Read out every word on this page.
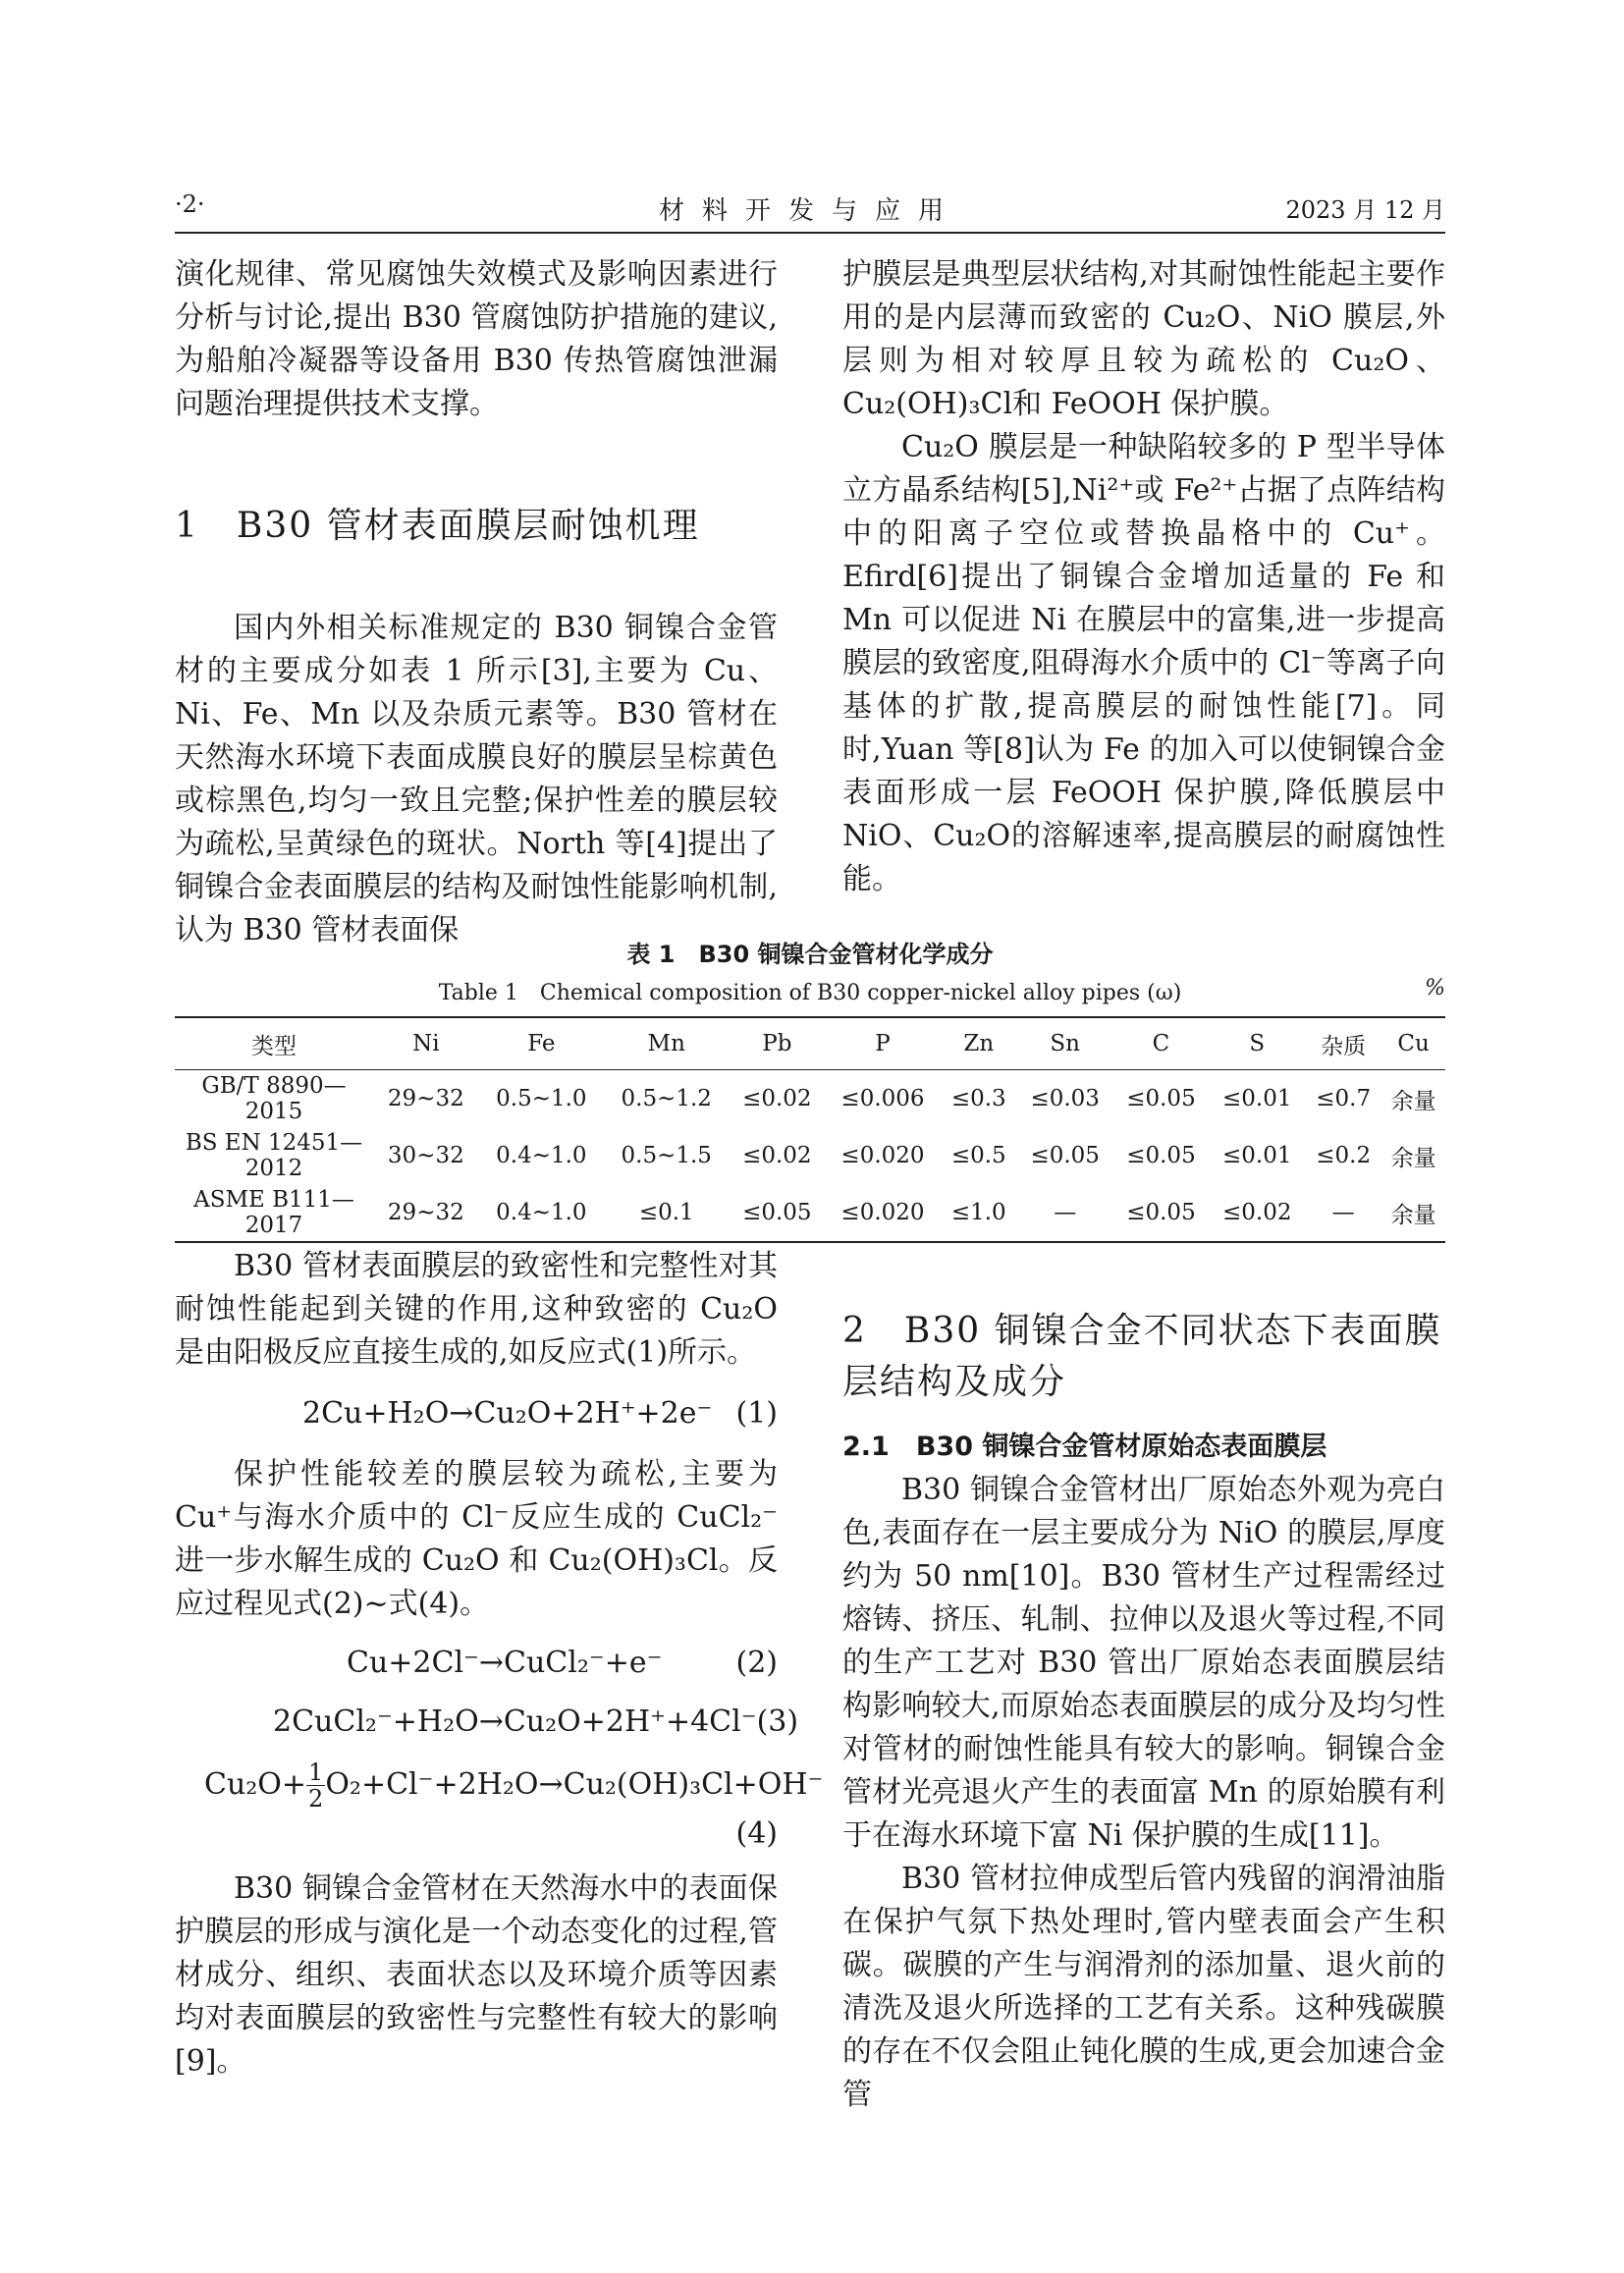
·2·	材料开发与应用	2023 月 12 月

演化规律、常见腐蚀失效模式及影响因素进行分析与讨论,提出 B30 管腐蚀防护措施的建议,为船舶冷凝器等设备用 B30 传热管腐蚀泄漏问题治理提供技术支撑。

1　B30 管材表面膜层耐蚀机理

国内外相关标准规定的 B30 铜镍合金管材的主要成分如表 1 所示[3],主要为 Cu、Ni、Fe、Mn 以及杂质元素等。B30 管材在天然海水环境下表面成膜良好的膜层呈棕黄色或棕黑色,均匀一致且完整;保护性差的膜层较为疏松,呈黄绿色的斑状。North 等[4]提出了铜镍合金表面膜层的结构及耐蚀性能影响机制,认为 B30 管材表面保

护膜层是典型层状结构,对其耐蚀性能起主要作用的是内层薄而致密的 Cu₂O、NiO 膜层,外层则为相对较厚且较为疏松的 Cu₂O、Cu₂(OH)₃Cl和 FeOOH 保护膜。

Cu₂O 膜层是一种缺陷较多的 P 型半导体立方晶系结构[5],Ni²⁺或 Fe²⁺占据了点阵结构中的阳离子空位或替换晶格中的 Cu⁺。Efird[6]提出了铜镍合金增加适量的 Fe 和 Mn 可以促进 Ni 在膜层中的富集,进一步提高膜层的致密度,阻碍海水介质中的 Cl⁻等离子向基体的扩散,提高膜层的耐蚀性能[7]。同时,Yuan 等[8]认为 Fe 的加入可以使铜镍合金表面形成一层 FeOOH 保护膜,降低膜层中 NiO、Cu₂O的溶解速率,提高膜层的耐腐蚀性能。

表 1　B30 铜镍合金管材化学成分
Table 1　Chemical composition of B30 copper-nickel alloy pipes (ω)	%
类型	Ni	Fe	Mn	Pb	P	Zn	Sn	C	S	杂质	Cu
GB/T 8890—2015	29~32	0.5~1.0	0.5~1.2	≤0.02	≤0.006	≤0.3	≤0.03	≤0.05	≤0.01	≤0.7	余量
BS EN 12451—2012	30~32	0.4~1.0	0.5~1.5	≤0.02	≤0.020	≤0.5	≤0.05	≤0.05	≤0.01	≤0.2	余量
ASME B111—2017	29~32	0.4~1.0	≤0.1	≤0.05	≤0.020	≤1.0	—	≤0.05	≤0.02	—	余量

B30 管材表面膜层的致密性和完整性对其耐蚀性能起到关键的作用,这种致密的 Cu₂O 是由阳极反应直接生成的,如反应式(1)所示。

2Cu+H₂O→Cu₂O+2H⁺+2e⁻ (1)

保护性能较差的膜层较为疏松,主要为 Cu⁺与海水介质中的 Cl⁻反应生成的 CuCl₂⁻进一步水解生成的 Cu₂O 和 Cu₂(OH)₃Cl。反应过程见式(2)~式(4)。

Cu+2Cl⁻→CuCl₂⁻+e⁻	(2)
2CuCl₂⁻+H₂O→Cu₂O+2H⁺+4Cl⁻ (3)
$Cu_2O+ \frac{1}{2} O_2+Cl^-+2H_2O\to Cu_2(OH)_3Cl+OH^-$
(4)

B30 铜镍合金管材在天然海水中的表面保护膜层的形成与演化是一个动态变化的过程,管材成分、组织、表面状态以及环境介质等因素均对表面膜层的致密性与完整性有较大的影响[9]。

2　B30 铜镍合金不同状态下表面膜层结构及成分

2.1　B30 铜镍合金管材原始态表面膜层

B30 铜镍合金管材出厂原始态外观为亮白色,表面存在一层主要成分为 NiO 的膜层,厚度约为 50 nm[10]。B30 管材生产过程需经过熔铸、挤压、轧制、拉伸以及退火等过程,不同的生产工艺对 B30 管出厂原始态表面膜层结构影响较大,而原始态表面膜层的成分及均匀性对管材的耐蚀性能具有较大的影响。铜镍合金管材光亮退火产生的表面富 Mn 的原始膜有利于在海水环境下富 Ni 保护膜的生成[11]。

B30 管材拉伸成型后管内残留的润滑油脂在保护气氛下热处理时,管内壁表面会产生积碳。碳膜的产生与润滑剂的添加量、退火前的清洗及退火所选择的工艺有关系。这种残碳膜的存在不仅会阻止钝化膜的生成,更会加速合金管
